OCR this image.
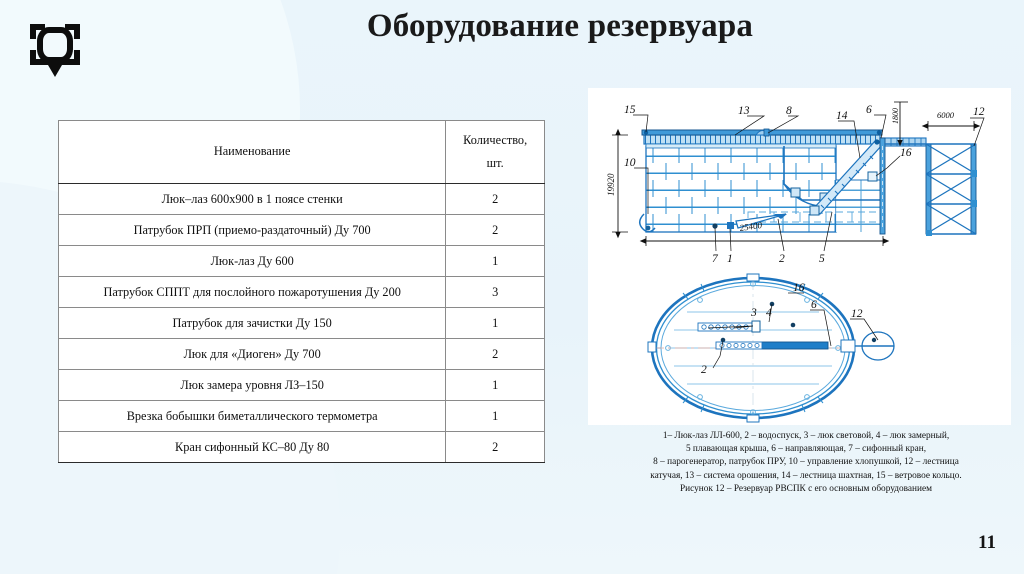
Оборудование резервуара
Наименование	Количество,
шт.

Люк–лаз 600х900 в 1 поясе стенки	2
Патрубок ПРП (приемо-раздаточный) Ду 700	2
Люк-лаз Ду 600	1
Патрубок СППТ для послойного пожаротушения Ду 200	3
Патрубок для зачистки Ду 150	1
Люк для «Диоген» Ду 700	2
Люк замера уровня ЛЗ–150	1
Врезка бобышки биметаллического термометра	1
Кран сифонный КС–80 Ду 80	2
19920
25400
1800	6000
15	13	8	14 6	12
16
10
7 1	2	5
16
3 4
6
12
2
1– Люк-лаз ЛЛ-600, 2 – водоспуск, 3 – люк световой, 4 – люк замерный,
5 плавающая крыша, 6 – направляющая, 7 – сифонный кран,
8 – парогенератор, патрубок ПРУ, 10 – управление хлопушкой, 12 – лестница
катучая, 13 – система орошения, 14 – лестница шахтная, 15 – ветровое кольцо.
Рисунок 12 – Резервуар РВСПК с его основным оборудованием
11
